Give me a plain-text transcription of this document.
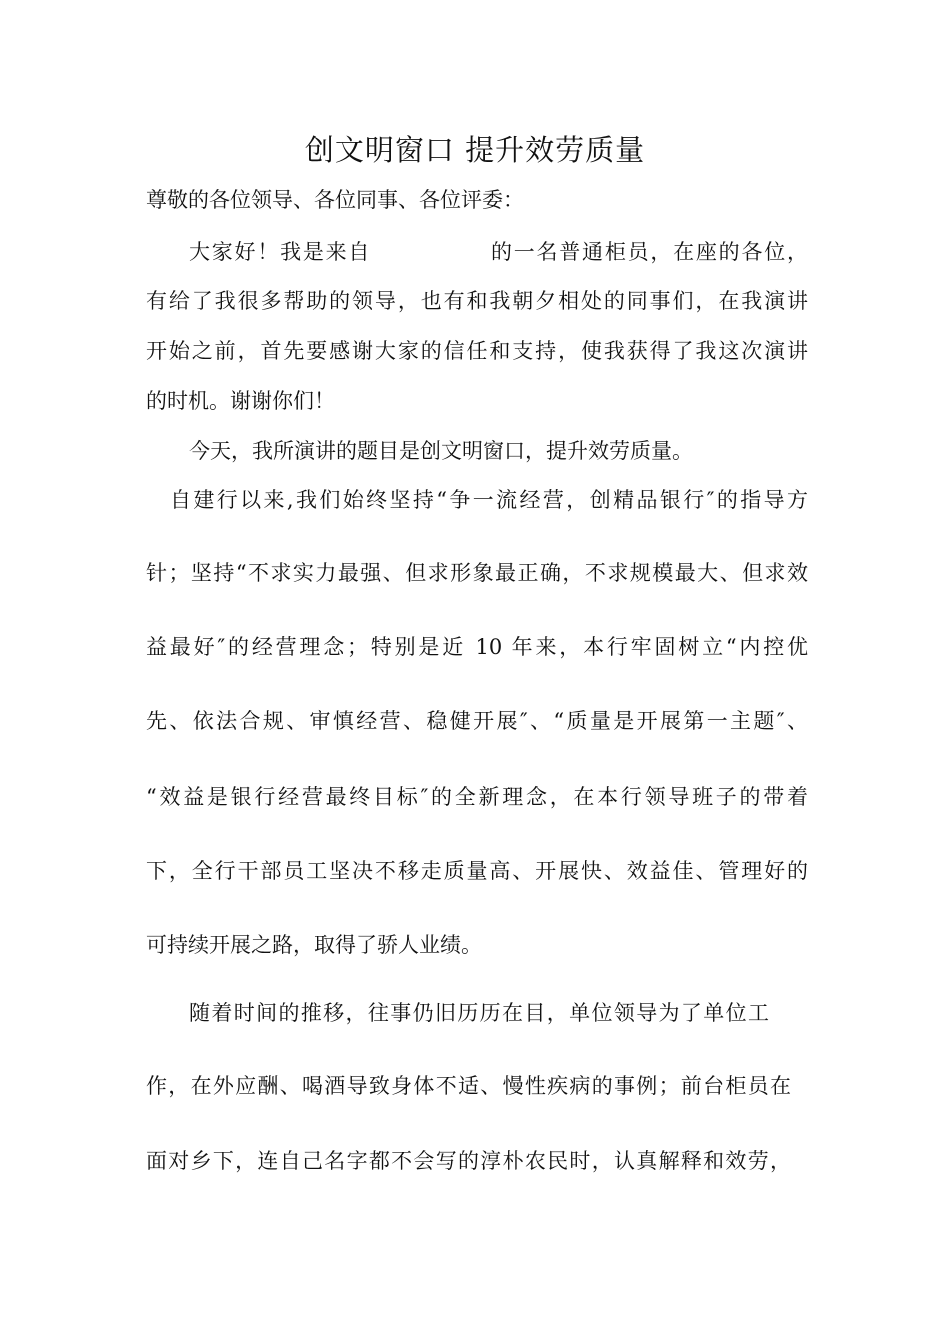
创文明窗口 提升效劳质量
尊敬的各位领导、各位同事、各位评委：
大家好！我是来自	的一名普通柜员，在座的各位，
有给了我很多帮助的领导，也有和我朝夕相处的同事们，在我演讲
开始之前，首先要感谢大家的信任和支持，使我获得了我这次演讲
的时机。谢谢你们！
今天，我所演讲的题目是创文明窗口，提升效劳质量。
自建行以来,我们始终坚持“争一流经营，创精品银行″的指导方
针；坚持“不求实力最强、但求形象最正确，不求规模最大、但求效
益最好″的经营理念；特别是近 10 年来，本行牢固树立“内控优
先、依法合规、审慎经营、稳健开展″、“质量是开展第一主题″、
“效益是银行经营最终目标″的全新理念，在本行领导班子的带着
下，全行干部员工坚决不移走质量高、开展快、效益佳、管理好的
可持续开展之路，取得了骄人业绩。
随着时间的推移，往事仍旧历历在目，单位领导为了单位工
作，在外应酬、喝酒导致身体不适、慢性疾病的事例；前台柜员在
面对乡下，连自己名字都不会写的淳朴农民时，认真解释和效劳，
